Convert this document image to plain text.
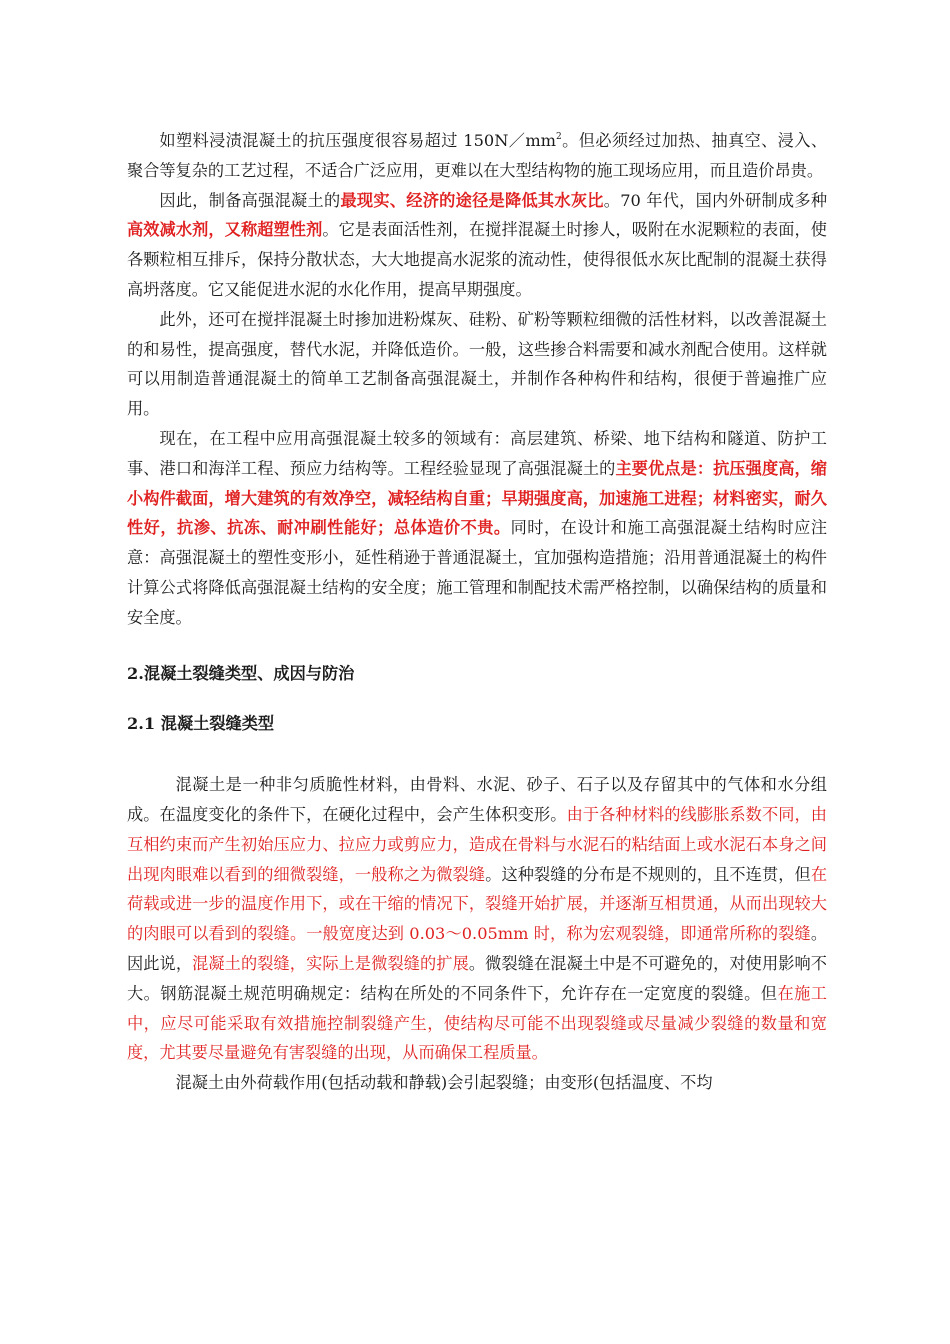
如塑料浸渍混凝土的抗压强度很容易超过 $150N/mm^2$。但必须经过加热、抽真空、浸入、聚合等复杂的工艺过程，不适合广泛应用，更难以在大型结构物的施工现场应用，而且造价昂贵。

因此，制备高强混凝土的最现实、经济的途径是降低其水灰比。70 年代，国内外研制成多种高效减水剂，又称超塑性剂。它是表面活性剂，在搅拌混凝土时掺人，吸附在水泥颗粒的表面，使各颗粒相互排斥，保持分散状态，大大地提高水泥浆的流动性，使得很低水灰比配制的混凝土获得高坍落度。它又能促进水泥的水化作用，提高早期强度。

此外，还可在搅拌混凝土时掺加进粉煤灰、硅粉、矿粉等颗粒细微的活性材料，以改善混凝土的和易性，提高强度，替代水泥，并降低造价。一般，这些掺合料需要和减水剂配合使用。这样就可以用制造普通混凝土的简单工艺制备高强混凝土，并制作各种构件和结构，很便于普遍推广应用。

现在，在工程中应用高强混凝土较多的领域有：高层建筑、桥梁、地下结构和隧道、防护工事、港口和海洋工程、预应力结构等。工程经验显现了高强混凝土的主要优点是：抗压强度高，缩小构件截面，增大建筑的有效净空，减轻结构自重；早期强度高，加速施工进程；材料密实，耐久性好，抗渗、抗冻、耐冲刷性能好；总体造价不贵。同时，在设计和施工高强混凝土结构时应注意：高强混凝土的塑性变形小，延性稍逊于普通混凝土，宜加强构造措施；沿用普通混凝土的构件计算公式将降低高强混凝土结构的安全度；施工管理和制配技术需严格控制，以确保结构的质量和安全度。

2.混凝土裂缝类型、成因与防治

2.1 混凝土裂缝类型

混凝土是一种非匀质脆性材料，由骨料、水泥、砂子、石子以及存留其中的气体和水分组成。在温度变化的条件下，在硬化过程中，会产生体积变形。由于各种材料的线膨胀系数不同，由互相约束而产生初始压应力、拉应力或剪应力，造成在骨料与水泥石的粘结面上或水泥石本身之间出现肉眼难以看到的细微裂缝，一般称之为微裂缝。这种裂缝的分布是不规则的，且不连贯，但在荷载或进一步的温度作用下，或在干缩的情况下，裂缝开始扩展，并逐渐互相贯通，从而出现较大的肉眼可以看到的裂缝。一般宽度达到 0.03～0.05mm 时，称为宏观裂缝，即通常所称的裂缝。因此说，混凝土的裂缝，实际上是微裂缝的扩展。微裂缝在混凝土中是不可避免的，对使用影响不大。钢筋混凝土规范明确规定：结构在所处的不同条件下，允许存在一定宽度的裂缝。但在施工中，应尽可能采取有效措施控制裂缝产生，使结构尽可能不出现裂缝或尽量减少裂缝的数量和宽度，尤其要尽量避免有害裂缝的出现，从而确保工程质量。

混凝土由外荷载作用(包括动载和静载)会引起裂缝；由变形(包括温度、不均
